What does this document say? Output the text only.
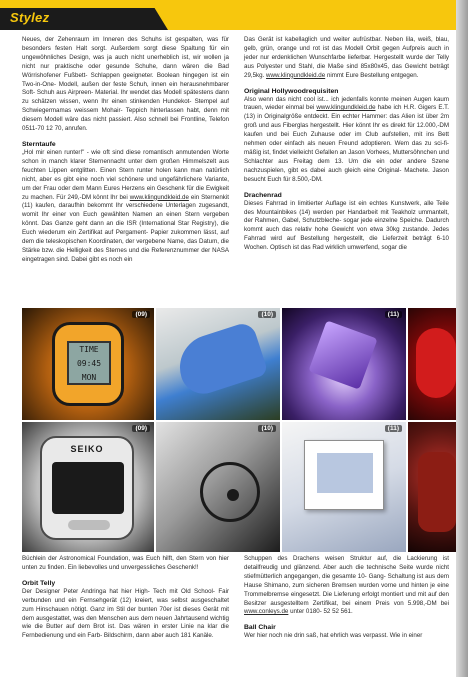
Stylez

Neues, der Zehenraum im Inneren des Schuhs ist gespalten, was für besonders festen Halt sorgt. Außerdem sorgt diese Spaltung für ein ungewöhnliches Design, was ja auch nicht unerheblich ist, wir wollen ja nicht nur praktische oder gesunde Schuhe, dann wären die Bad Wörrishofener Fußbett- Schlappen geeigneter. Boolean hingegen ist ein Two-in-One- Modell, außen der feste Schuh, innen ein herausnehmbarer Soft- Schuh aus Airpreen- Material. Ihr wendet das Modell spätestens dann zu schätzen wissen, wenn Ihr einen stinkenden Hundekot- Stempel auf Schwiegermamas weissem Mohair- Teppich hinterlassen habt, denn mit diesem Modell wäre das nicht passiert. Also schnell bei Frontline, Telefon 0511-70 12 70, anrufen.

Sterntaufe

„Hol mir einen runter!" - wie oft sind diese romantisch anmutenden Worte schon in manch klarer Sternennacht unter dem großen Himmelszelt aus feuchten Lippen entglitten. Einen Stern runter holen kann man natürlich nicht, aber es gibt eine noch viel schönere und ungefährlichere Variante, um der Frau oder dem Mann Eures Herzens ein Geschenk für die Ewigkeit zu machen. Für 249,-DM könnt Ihr bei www.klingundkleid.de ein Sternenkit (11) kaufen, daraufhin bekommt Ihr verschiedene Unterlagen zugesandt, womit Ihr einer von Euch gewählten Namen an einen Stern vergeben könnt. Das Ganze geht dann an die ISR (International Star Registry), die Euch wiederum ein Zertifikat auf Pergament- Papier zukommen lässt, auf dem die teleskopischen Koordinaten, der vergebene Name, das Datum, die Stärke bzw. die Helligkeit des Sternes und die Referenznummer der NASA eingetragen sind. Dabei gibt es noch ein

Das Gerät ist kabellaglich und weiter aufrüstbar. Neben lila, weiß, blau, gelb, grün, orange und rot ist das Modell Orbit gegen Aufpreis auch in jeder nur erdenklichen Wunschfarbe lieferbar. Hergestellt wurde der Telly aus Polyester und Stahl, die Maße sind 85x80x45, das Gewicht beträgt 29,5kg. www.klingundkleid.de nimmt Eure Bestellung entgegen.

Original Hollywoodrequisiten

Also wenn das nicht cool ist... ich jedenfalls konnte meinen Augen kaum trauen, wieder einmal bei www.klingundkleid.de habe ich H.R. Gigers E.T. (13) in Originalgröße entdeckt. Ein echter Hammer: das Alien ist über 2m groß und aus Fiberglas hergestellt. Hier könnt Ihr es direkt für 12.000,-DM kaufen und bei Euch Zuhause oder im Club aufstellen, mit ins Bett nehmen oder einfach als neuen Freund adoptieren. Wem das zu sci-fi- mäßig ist, findet vielleicht Gefallen an Jason Vorhees, Muttersöhnchen und Schlachter aus Freitag dem 13. Um die ein oder andere Szene nachzuspielen, gibt es dabei auch gleich eine Original- Machete. Jason besucht Euch für 8.500,-DM.

Drachenrad

Dieses Fahrrad in limitierter Auflage ist ein echtes Kunstwerk, alle Teile des Mountainbikes (14) werden per Handarbeit mit Teakholz ummantelt, der Rahmen, Gabel, Schutzbleche- sogar jede einzelne Speiche. Dadurch kommt auch das relativ hohe Gewicht von etwa 30kg zustande. Jedes Fahrrad wird auf Bestellung hergestellt, die Lieferzeit beträgt 6-10 Wochen. Optisch ist das Rad wirklich umwerfend, sogar die

TIME
09:45
MON
(09)	(10)	(11)
SEIKO
(09)	(10)	(11)

Büchlein der Astronomical Foundation, was Euch hilft, den Stern von hier unten zu finden. Ein liebevolles und unvergessliches Geschenk!!

Orbit Telly

Der Designer Peter Andringa hat hier High- Tech mit Old School- Fair verbunden und ein Fernsehgerät (12) kreiert, was selbst ausgeschaltet zum Hinschauen nötigt. Ganz im Stil der bunten 70er ist dieses Gerät mit dem ausgestattet, was den Menschen aus dem neuen Jahrtausend wichtig wie die Butter auf dem Brot ist. Das wären in erster Linie na klar die Fernbedienung und ein Farb- Bildschirm, dann aber auch 181 Kanäle.

Schuppen des Drachens weisen Struktur auf, die Lackierung ist detailfreudig und glänzend. Aber auch die technische Seite wurde nicht stiefmütterlich angegangen, die gesamte 10- Gang- Schaltung ist aus dem Hause Shimano, zum sicheren Bremsen wurden vorne und hinten je eine Trommelbremse eingesetzt. Die Lieferung erfolgt montiert und mit auf den Besitzer ausgestelltem Zertifikat, bei einem Preis von 5.998,-DM bei www.conleys.de unter 0180- 52 52 561.

Ball Chair

Wer hier noch nie drin saß, hat ehrlich was verpasst. Wie in einer
